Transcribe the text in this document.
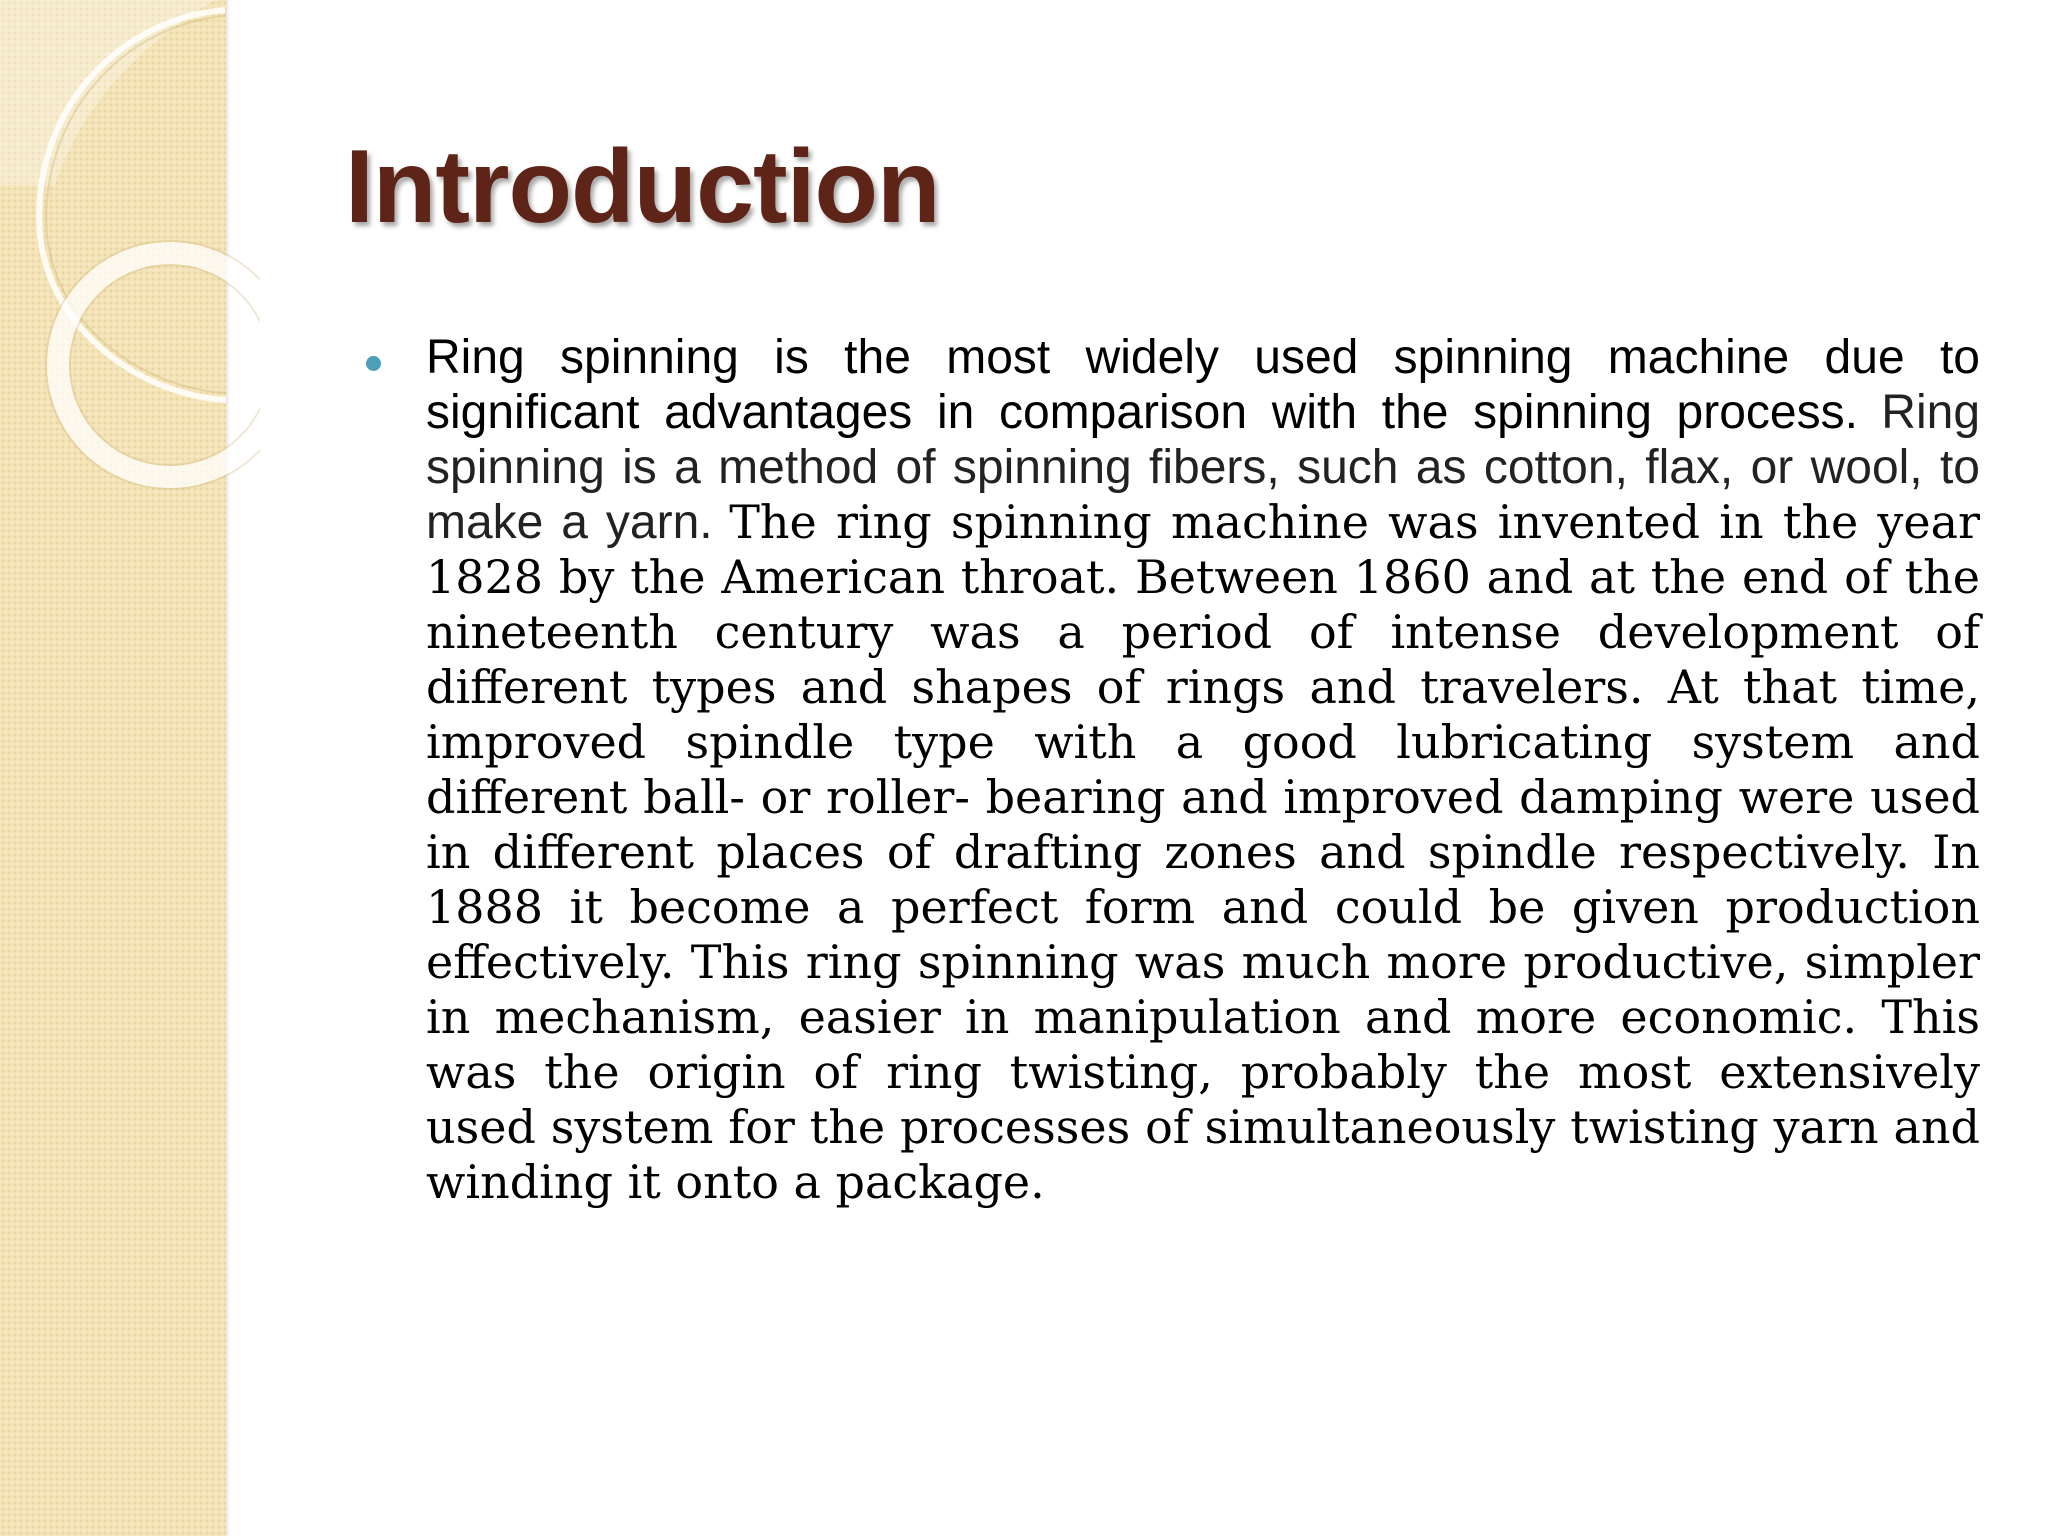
Introduction

Ring spinning is the most widely used spinning machine due to significant advantages in comparison with the spinning process. Ring spinning is a method of spinning fibers, such as cotton, flax, or wool, to make a yarn. The ring spinning machine was invented in the year 1828 by the American throat. Between 1860 and at the end of the nineteenth century was a period of intense development of different types and shapes of rings and travelers. At that time, improved spindle type with a good lubricating system and different ball- or roller- bearing and improved damping were used in different places of drafting zones and spindle respectively. In 1888 it become a perfect form and could be given production effectively. This ring spinning was much more productive, simpler in mechanism, easier in manipulation and more economic. This was the origin of ring twisting, probably the most extensively used system for the processes of simultaneously twisting yarn and winding it onto a package.
